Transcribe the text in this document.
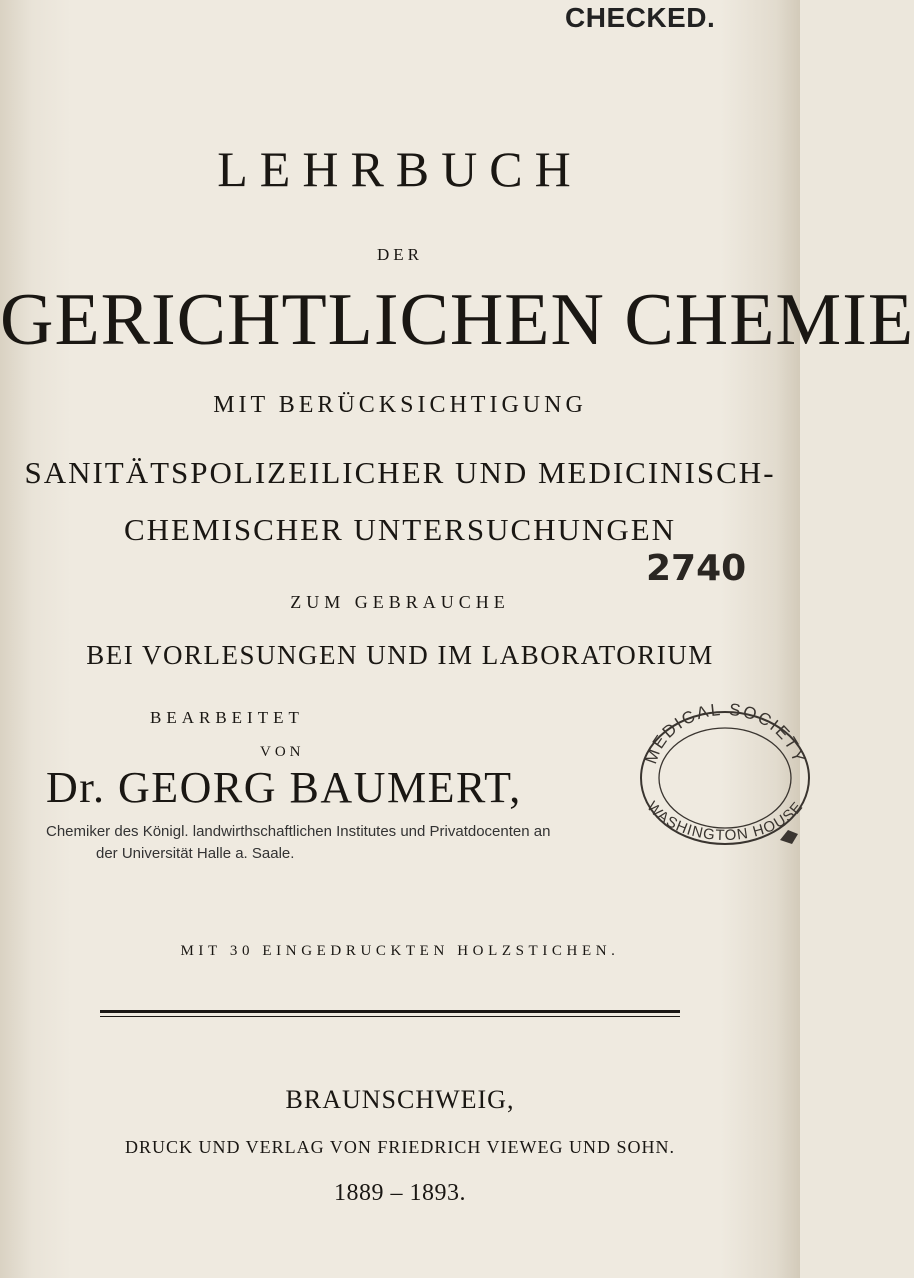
CHECKED.
LEHRBUCH
DER
GERICHTLICHEN CHEMIE
MIT BERÜCKSICHTIGUNG
SANITÄTSPOLIZEILICHER UND MEDICINISCH-
CHEMISCHER UNTERSUCHUNGEN
2740
ZUM GEBRAUCHE
BEI VORLESUNGEN UND IM LABORATORIUM
BEARBEITET
VON
Dr. GEORG BAUMERT,
Chemiker des Königl. landwirthschaftlichen Institutes und Privatdocenten an
der Universität Halle a. Saale.
MEDICAL SOCIETY
WASHINGTON HOUSE
MIT 30 EINGEDRUCKTEN HOLZSTICHEN.
BRAUNSCHWEIG,
DRUCK UND VERLAG VON FRIEDRICH VIEWEG UND SOHN.
1889 – 1893.
